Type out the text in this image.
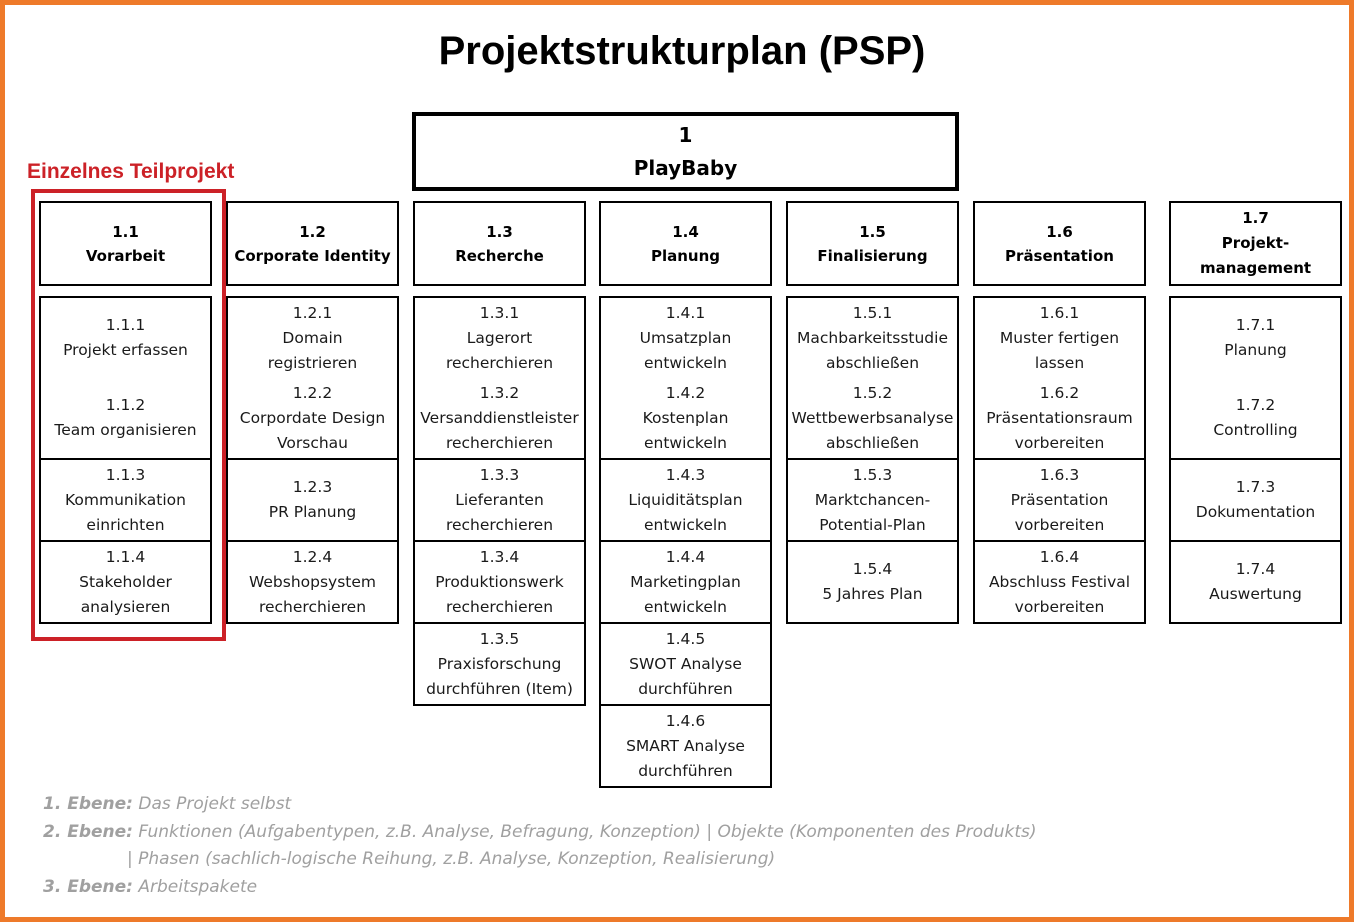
Projektstrukturplan (PSP)
1
PlayBaby
Einzelnes Teilprojekt
1.1
Vorarbeit
1.1.1
Projekt erfassen
1.1.2
Team organisieren
1.1.3
Kommunikation
einrichten
1.1.4
Stakeholder
analysieren
1.2
Corporate Identity
1.2.1
Domain
registrieren
1.2.2
Corpordate Design
Vorschau
1.2.3
PR Planung
1.2.4
Webshopsystem
recherchieren
1.3
Recherche
1.3.1
Lagerort
recherchieren
1.3.2
Versanddienstleister
recherchieren
1.3.3
Lieferanten
recherchieren
1.3.4
Produktionswerk
recherchieren
1.3.5
Praxisforschung
durchführen (Item)
1.4
Planung
1.4.1
Umsatzplan
entwickeln
1.4.2
Kostenplan
entwickeln
1.4.3
Liquiditätsplan
entwickeln
1.4.4
Marketingplan
entwickeln
1.4.5
SWOT Analyse
durchführen
1.4.6
SMART Analyse
durchführen
1.5
Finalisierung
1.5.1
Machbarkeitsstudie
abschließen
1.5.2
Wettbewerbsanalyse
abschließen
1.5.3
Marktchancen-
Potential-Plan
1.5.4
5 Jahres Plan
1.6
Präsentation
1.6.1
Muster fertigen
lassen
1.6.2
Präsentationsraum
vorbereiten
1.6.3
Präsentation
vorbereiten
1.6.4
Abschluss Festival
vorbereiten
1.7
Projekt-
management
1.7.1
Planung
1.7.2
Controlling
1.7.3
Dokumentation
1.7.4
Auswertung
1. Ebene: Das Projekt selbst
2. Ebene: Funktionen (Aufgabentypen, z.B. Analyse, Befragung, Konzeption) | Objekte (Komponenten des Produkts)
| Phasen (sachlich-logische Reihung, z.B. Analyse, Konzeption, Realisierung)
3. Ebene: Arbeitspakete
